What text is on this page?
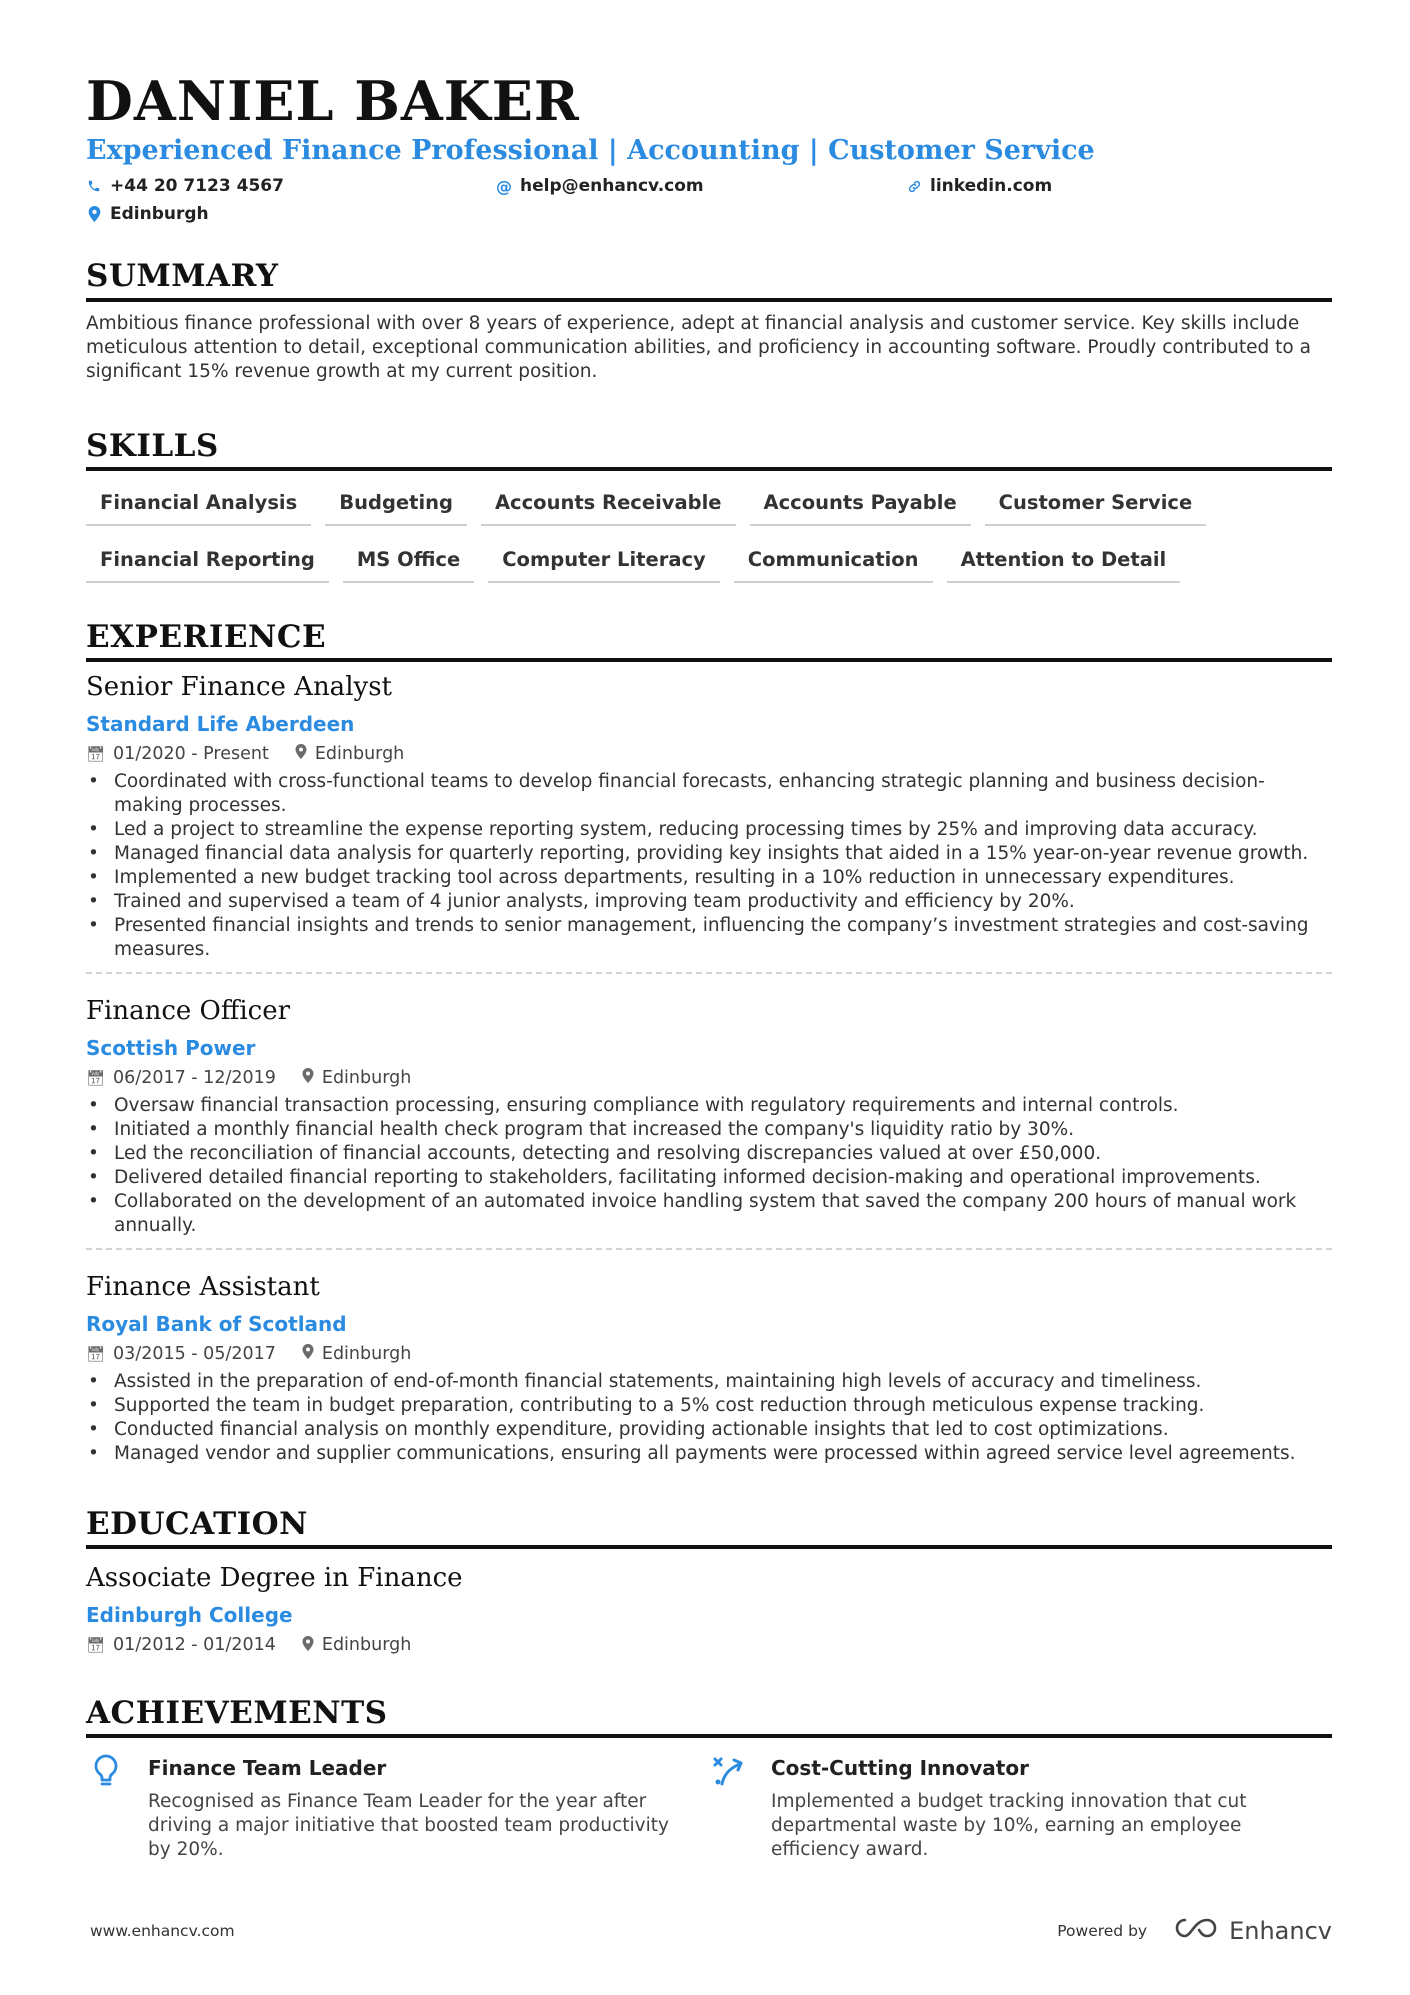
DANIEL BAKER
Experienced Finance Professional | Accounting | Customer Service
+44 20 7123 4567	@ help@enhancv.com	linkedin.com
Edinburgh
SUMMARY
Ambitious finance professional with over 8 years of experience, adept at financial analysis and customer service. Key skills include meticulous attention to detail, exceptional communication abilities, and proficiency in accounting software. Proudly contributed to a significant 15% revenue growth at my current position.
SKILLS
Financial Analysis	Budgeting	Accounts Receivable	Accounts Payable	Customer Service
Financial Reporting	MS Office	Computer Literacy	Communication	Attention to Detail
EXPERIENCE
Senior Finance Analyst
Standard Life Aberdeen
📅︎ 01/2020 - Present	Edinburgh
• Coordinated with cross-functional teams to develop financial forecasts, enhancing strategic planning and business decision-making processes.
• Led a project to streamline the expense reporting system, reducing processing times by 25% and improving data accuracy.
• Managed financial data analysis for quarterly reporting, providing key insights that aided in a 15% year-on-year revenue growth.
• Implemented a new budget tracking tool across departments, resulting in a 10% reduction in unnecessary expenditures.
• Trained and supervised a team of 4 junior analysts, improving team productivity and efficiency by 20%.
• Presented financial insights and trends to senior management, influencing the company’s investment strategies and cost-saving measures.
Finance Officer
Scottish Power
📅︎ 06/2017 - 12/2019	Edinburgh
• Oversaw financial transaction processing, ensuring compliance with regulatory requirements and internal controls.
• Initiated a monthly financial health check program that increased the company's liquidity ratio by 30%.
• Led the reconciliation of financial accounts, detecting and resolving discrepancies valued at over £50,000.
• Delivered detailed financial reporting to stakeholders, facilitating informed decision-making and operational improvements.
• Collaborated on the development of an automated invoice handling system that saved the company 200 hours of manual work annually.
Finance Assistant
Royal Bank of Scotland
📅︎ 03/2015 - 05/2017	Edinburgh
• Assisted in the preparation of end-of-month financial statements, maintaining high levels of accuracy and timeliness.
• Supported the team in budget preparation, contributing to a 5% cost reduction through meticulous expense tracking.
• Conducted financial analysis on monthly expenditure, providing actionable insights that led to cost optimizations.
• Managed vendor and supplier communications, ensuring all payments were processed within agreed service level agreements.
EDUCATION
Associate Degree in Finance
Edinburgh College
📅︎ 01/2012 - 01/2014	Edinburgh
ACHIEVEMENTS
Finance Team Leader
Recognised as Finance Team Leader for the year after driving a major initiative that boosted team productivity by 20%.
Cost-Cutting Innovator
Implemented a budget tracking innovation that cut departmental waste by 10%, earning an employee efficiency award.
www.enhancv.com	Powered by	Enhancv
